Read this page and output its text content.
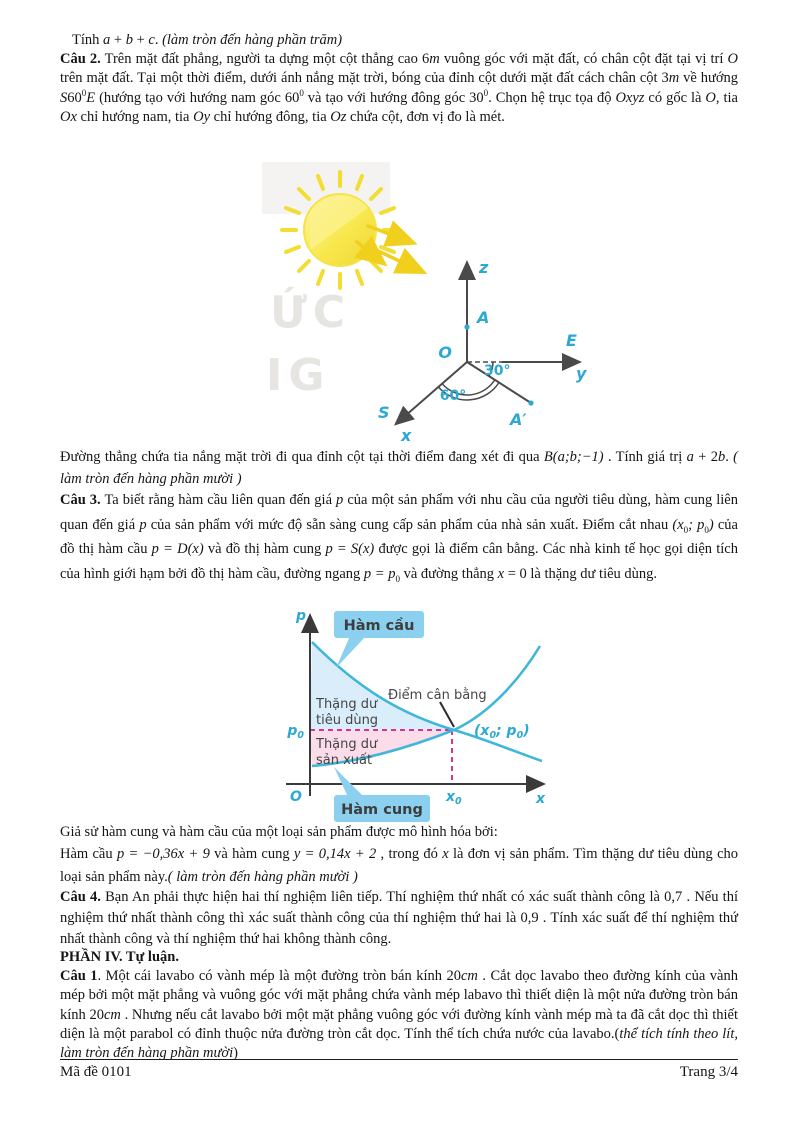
Tính a + b + c. (làm tròn đến hàng phần trăm)

Câu 2. Trên mặt đất phẳng, người ta dựng một cột thẳng cao 6m vuông góc với mặt đất, có chân cột đặt tại vị trí O trên mặt đất. Tại một thời điểm, dưới ánh nắng mặt trời, bóng của đỉnh cột dưới mặt đất cách chân cột 3m về hướng $S60^0E$ (hướng tạo với hướng nam góc $60^0$ và tạo với hướng đông góc $30^0$. Chọn hệ trục tọa độ Oxyz có gốc là O, tia Ox chỉ hướng nam, tia Oy chỉ hướng đông, tia Oz chứa cột, đơn vị đo là mét.

ỨC
IG
z
A
O
E
y
S
x
A′
30°
60°

Đường thẳng chứa tia nắng mặt trời đi qua đỉnh cột tại thời điểm đang xét đi qua B(a;b;−1) . Tính giá trị a + 2b. ( làm tròn đến hàng phần mười )

Câu 3. Ta biết rằng hàm cầu liên quan đến giá p của một sản phẩm với nhu cầu của người tiêu dùng, hàm cung liên quan đến giá p của sản phẩm với mức độ sẵn sàng cung cấp sản phẩm của nhà sản xuất. Điểm cắt nhau ($x_0$; $p_0$) của đồ thị hàm cầu p = D(x) và đồ thị hàm cung p = S(x) được gọi là điểm cân bằng. Các nhà kinh tế học gọi diện tích của hình giới hạm bởi đồ thị hàm cầu, đường ngang $p = p_0$ và đường thẳng x = 0 là thặng dư tiêu dùng.

Hàm cầu
Hàm cung
Điểm cân bằng
Thặng dư
tiêu dùng
Thặng dư
sản xuất
p
x
O
$p_0$
$x_0$
($x_0$; $p_0$)

Giả sử hàm cung và hàm cầu của một loại sản phẩm được mô hình hóa bởi:

Hàm cầu p = −0,36x + 9 và hàm cung y = 0,14x + 2 , trong đó x là đơn vị sản phẩm. Tìm thặng dư tiêu dùng cho loại sản phẩm này.( làm tròn đến hàng phần mười )

Câu 4. Bạn An phải thực hiện hai thí nghiệm liên tiếp. Thí nghiệm thứ nhất có xác suất thành công là 0,7 . Nếu thí nghiệm thứ nhất thành công thì xác suất thành công của thí nghiệm thứ hai là 0,9 . Tính xác suất để thí nghiệm thứ nhất thành công và thí nghiệm thứ hai không thành công.

PHẦN IV. Tự luận.

Câu 1. Một cái lavabo có vành mép là một đường tròn bán kính 20cm . Cắt dọc lavabo theo đường kính của vành mép bởi một mặt phẳng và vuông góc với mặt phẳng chứa vành mép labavo thì thiết diện là một nửa đường tròn bán kính 20cm . Nhưng nếu cắt lavabo bởi một mặt phẳng vuông góc với đường kính vành mép mà ta đã cắt dọc thì thiết diện là một parabol có đỉnh thuộc nửa đường tròn cắt dọc. Tính thể tích chứa nước của lavabo.(thể tích tính theo lít, làm tròn đến hàng phần mười)

Mã đề 0101	Trang 3/4
